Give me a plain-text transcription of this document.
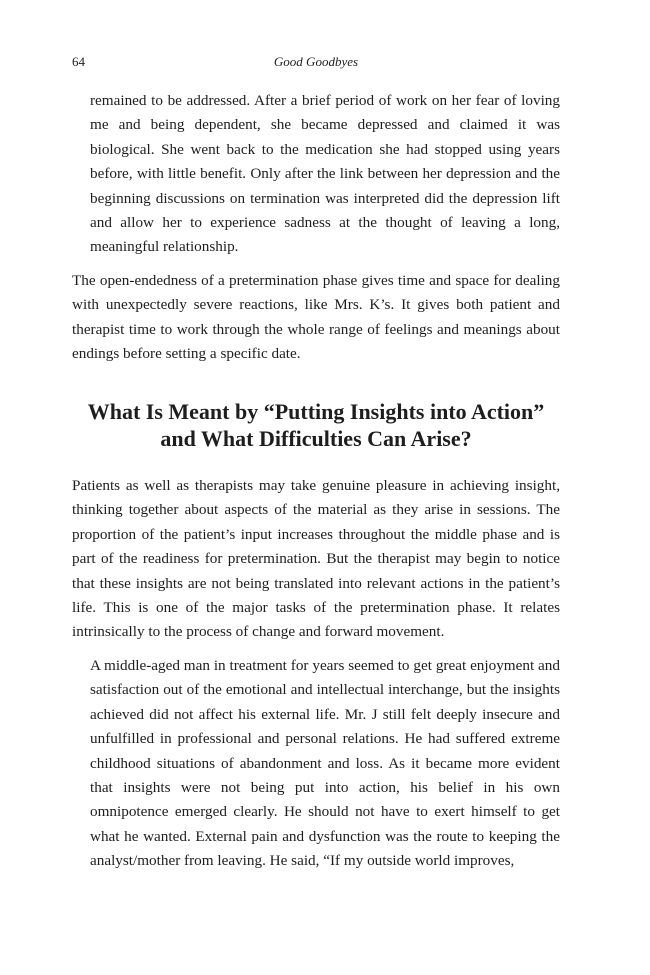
64	Good Goodbyes

remained to be addressed. After a brief period of work on her fear of loving me and being dependent, she became depressed and claimed it was biological. She went back to the medication she had stopped using years before, with little benefit. Only after the link between her depression and the beginning discussions on termination was interpreted did the depression lift and allow her to experience sadness at the thought of leaving a long, meaningful relationship.

The open-endedness of a pretermination phase gives time and space for dealing with unexpectedly severe reactions, like Mrs. K’s. It gives both patient and therapist time to work through the whole range of feelings and meanings about endings before setting a specific date.

What Is Meant by “Putting Insights into Action”
and What Difficulties Can Arise?

Patients as well as therapists may take genuine pleasure in achieving insight, thinking together about aspects of the material as they arise in sessions. The proportion of the patient’s input increases throughout the middle phase and is part of the readiness for pretermination. But the therapist may begin to notice that these insights are not being translated into relevant actions in the patient’s life. This is one of the major tasks of the pretermination phase. It relates intrinsically to the process of change and forward movement.

A middle-aged man in treatment for years seemed to get great enjoyment and satisfaction out of the emotional and intellectual interchange, but the insights achieved did not affect his external life. Mr. J still felt deeply insecure and unfulfilled in professional and personal relations. He had suffered extreme childhood situations of abandonment and loss. As it became more evident that insights were not being put into action, his belief in his own omnipotence emerged clearly. He should not have to exert himself to get what he wanted. External pain and dysfunction was the route to keeping the analyst/mother from leaving. He said, “If my outside world improves,
